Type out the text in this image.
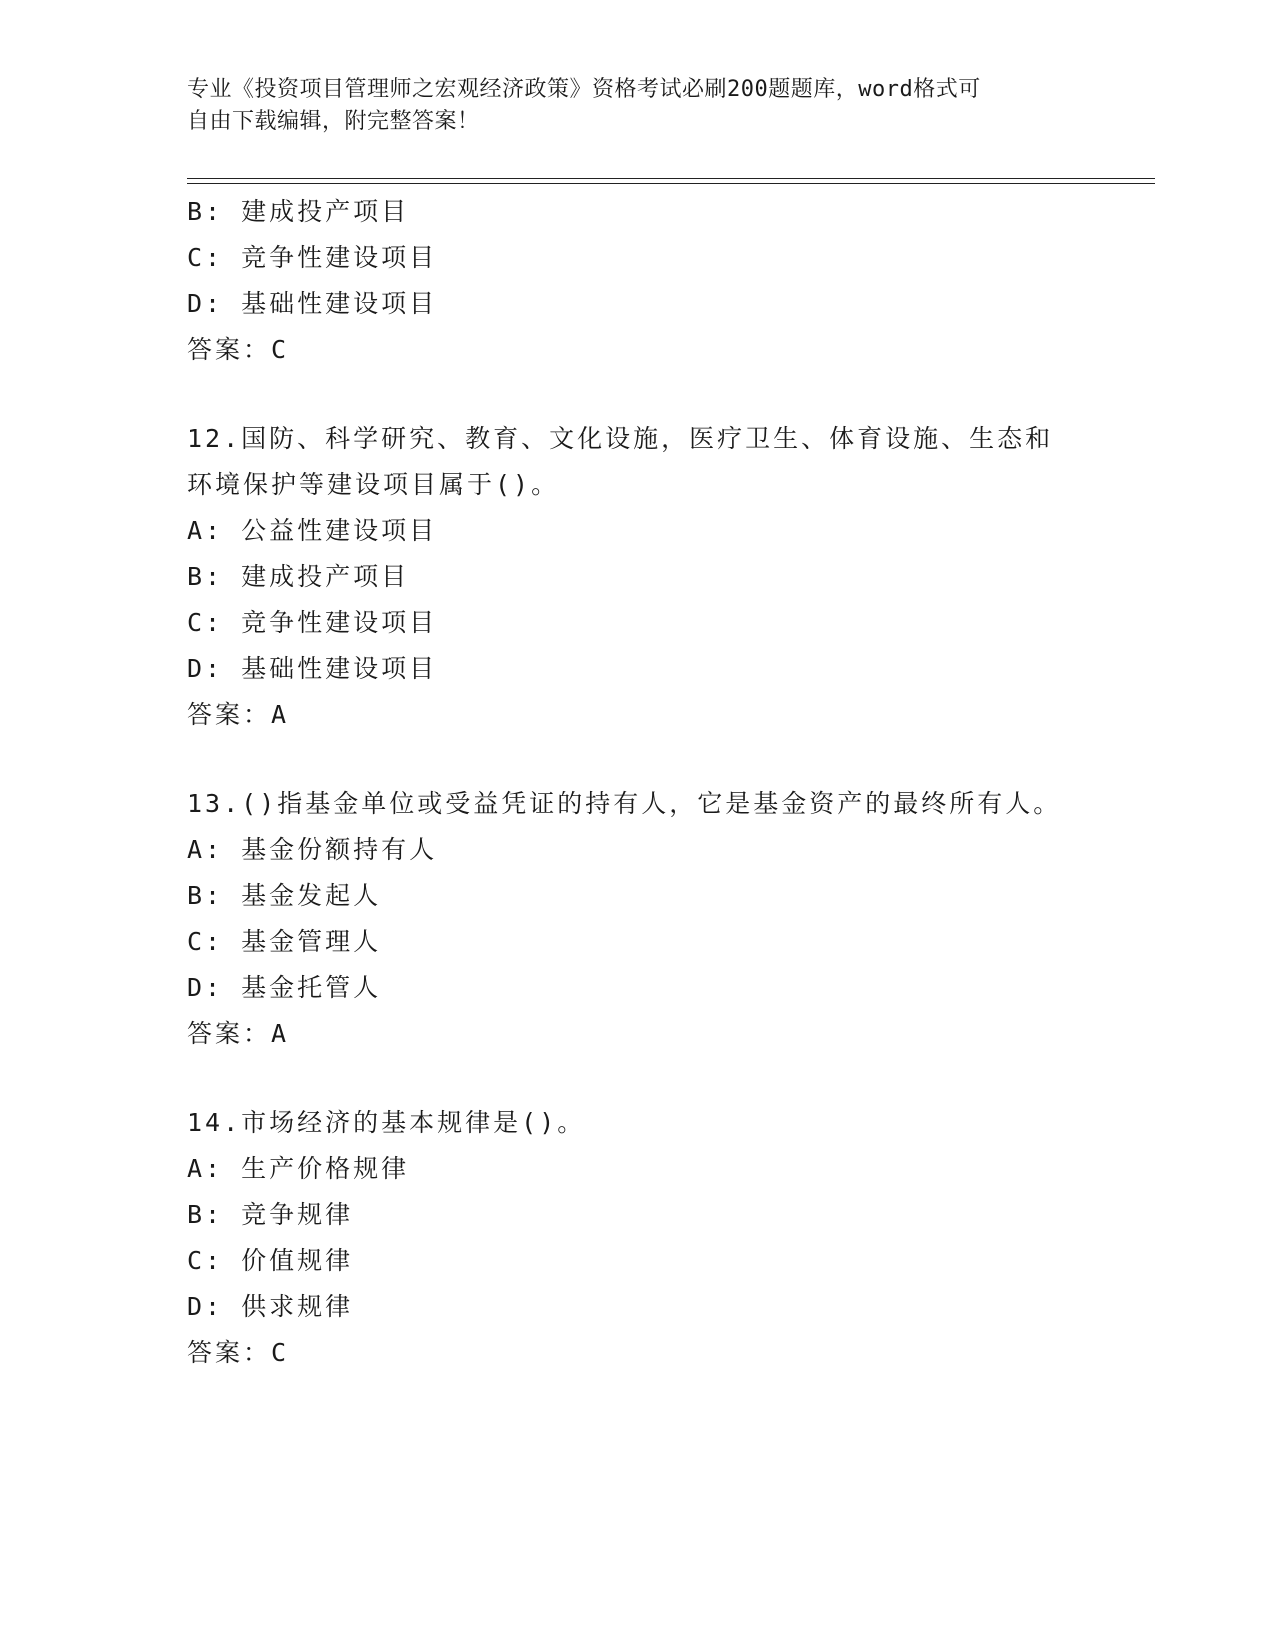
专业《投资项目管理师之宏观经济政策》资格考试必刷200题题库，word格式可
自由下载编辑，附完整答案！
B: 建成投产项目
C: 竞争性建设项目
D: 基础性建设项目
答案：C
12.国防、科学研究、教育、文化设施，医疗卫生、体育设施、生态和
环境保护等建设项目属于()。
A: 公益性建设项目
B: 建成投产项目
C: 竞争性建设项目
D: 基础性建设项目
答案：A
13.()指基金单位或受益凭证的持有人，它是基金资产的最终所有人。
A: 基金份额持有人
B: 基金发起人
C: 基金管理人
D: 基金托管人
答案：A
14.市场经济的基本规律是()。
A: 生产价格规律
B: 竞争规律
C: 价值规律
D: 供求规律
答案：C
